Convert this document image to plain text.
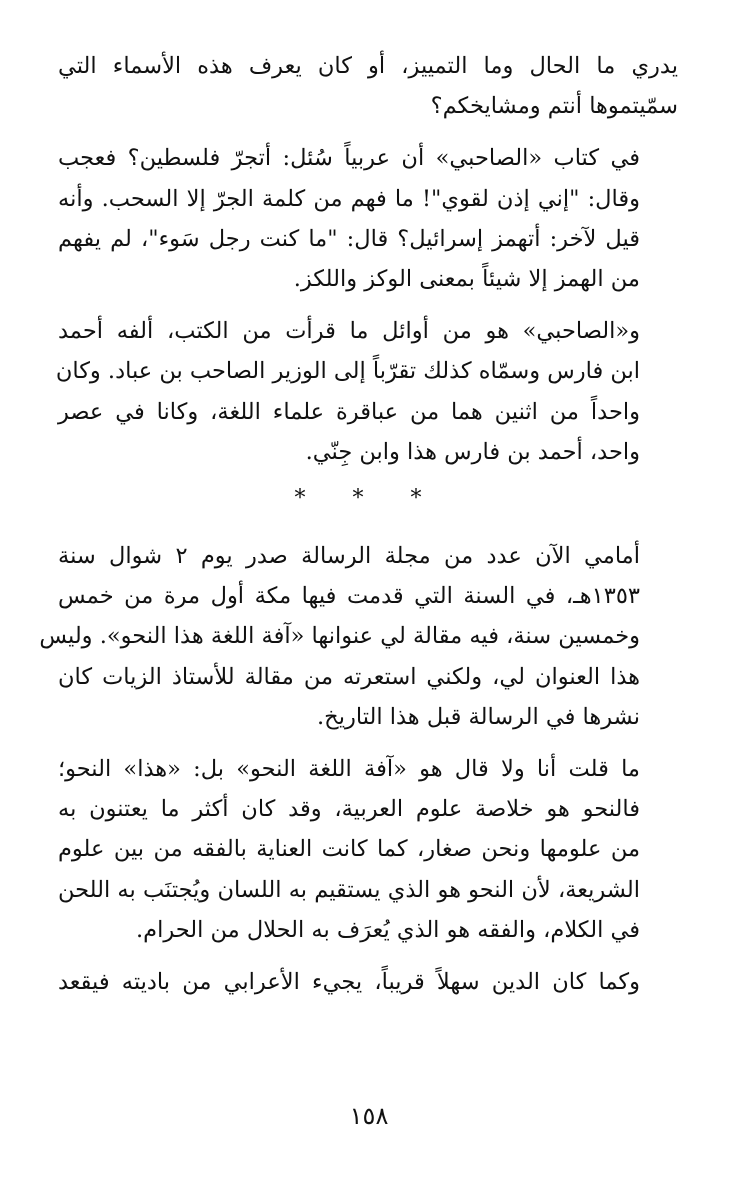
يدري ما الحال وما التمييز، أو كان يعرف هذه الأسماء التي
سمّيتموها أنتم ومشايخكم؟

في كتاب «الصاحبي» أن عربياً سُئل: أتجرّ فلسطين؟ فعجب
وقال: "إني إذن لقوي"! ما فهم من كلمة الجرّ إلا السحب. وأنه
قيل لآخر: أتهمز إسرائيل؟ قال: "ما كنت رجل سَوء"، لم يفهم
من الهمز إلا شيئاً بمعنى الوكز واللكز.

و«الصاحبي» هو من أوائل ما قرأت من الكتب، ألفه أحمد
ابن فارس وسمّاه كذلك تقرّباً إلى الوزير الصاحب بن عباد. وكان
واحداً من اثنين هما من عباقرة علماء اللغة، وكانا في عصر
واحد، أحمد بن فارس هذا وابن جِنّي.

* * *

أمامي الآن عدد من مجلة الرسالة صدر يوم ٢ شوال سنة
١٣٥٣هـ، في السنة التي قدمت فيها مكة أول مرة من خمس
وخمسين سنة، فيه مقالة لي عنوانها «آفة اللغة هذا النحو». وليس
هذا العنوان لي، ولكني استعرته من مقالة للأستاذ الزيات كان
نشرها في الرسالة قبل هذا التاريخ.

ما قلت أنا ولا قال هو «آفة اللغة النحو» بل: «هذا» النحو؛
فالنحو هو خلاصة علوم العربية، وقد كان أكثر ما يعتنون به
من علومها ونحن صغار، كما كانت العناية بالفقه من بين علوم
الشريعة، لأن النحو هو الذي يستقيم به اللسان ويُجتنَب به اللحن
في الكلام، والفقه هو الذي يُعرَف به الحلال من الحرام.

وكما كان الدين سهلاً قريباً، يجيء الأعرابي من باديته فيقعد

١٥٨
